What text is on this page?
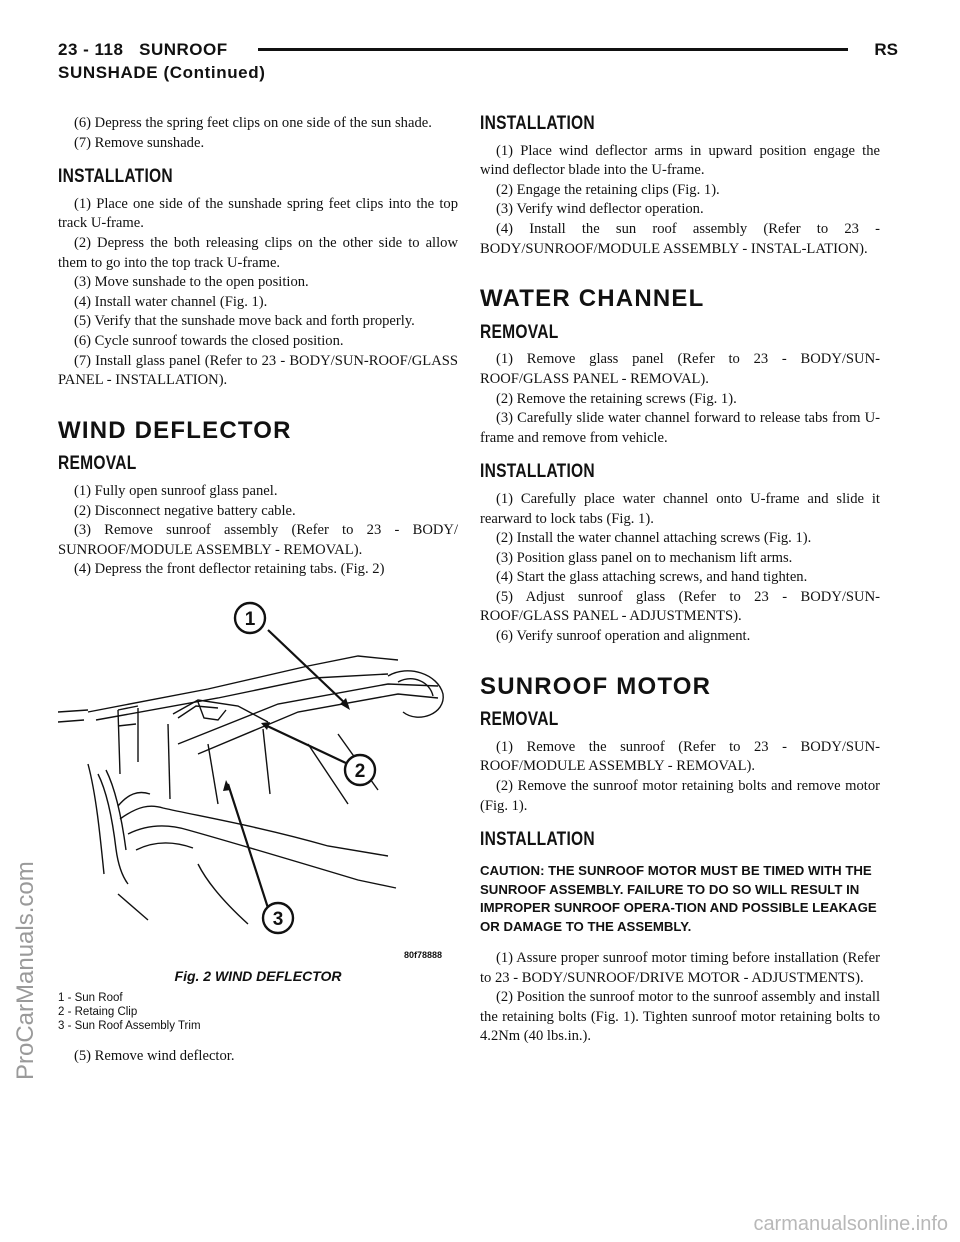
23 - 118 SUNROOF	RS
SUNSHADE (Continued)

(6) Depress the spring feet clips on one side of the sun shade.

(7) Remove sunshade.

INSTALLATION

(1) Place one side of the sunshade spring feet clips into the top track U-frame.

(2) Depress the both releasing clips on the other side to allow them to go into the top track U-frame.

(3) Move sunshade to the open position.

(4) Install water channel (Fig. 1).

(5) Verify that the sunshade move back and forth properly.

(6) Cycle sunroof towards the closed position.

(7) Install glass panel (Refer to 23 - BODY/SUN-ROOF/GLASS PANEL - INSTALLATION).

WIND DEFLECTOR
REMOVAL

(1) Fully open sunroof glass panel.

(2) Disconnect negative battery cable.

(3) Remove sunroof assembly (Refer to 23 - BODY/ SUNROOF/MODULE ASSEMBLY - REMOVAL).

(4) Depress the front deflector retaining tabs. (Fig. 2)

1
2
3
80f78888
Fig. 2 WIND DEFLECTOR
1 - Sun Roof
2 - Retaing Clip
3 - Sun Roof Assembly Trim

(5) Remove wind deflector.

INSTALLATION

(1) Place wind deflector arms in upward position engage the wind deflector blade into the U-frame.

(2) Engage the retaining clips (Fig. 1).

(3) Verify wind deflector operation.

(4) Install the sun roof assembly (Refer to 23 - BODY/SUNROOF/MODULE ASSEMBLY - INSTAL-LATION).

WATER CHANNEL
REMOVAL

(1) Remove glass panel (Refer to 23 - BODY/SUN-ROOF/GLASS PANEL - REMOVAL).

(2) Remove the retaining screws (Fig. 1).

(3) Carefully slide water channel forward to release tabs from U-frame and remove from vehicle.

INSTALLATION

(1) Carefully place water channel onto U-frame and slide it rearward to lock tabs (Fig. 1).

(2) Install the water channel attaching screws (Fig. 1).

(3) Position glass panel on to mechanism lift arms.

(4) Start the glass attaching screws, and hand tighten.

(5) Adjust sunroof glass (Refer to 23 - BODY/SUN-ROOF/GLASS PANEL - ADJUSTMENTS).

(6) Verify sunroof operation and alignment.

SUNROOF MOTOR
REMOVAL

(1) Remove the sunroof (Refer to 23 - BODY/SUN-ROOF/MODULE ASSEMBLY - REMOVAL).

(2) Remove the sunroof motor retaining bolts and remove motor (Fig. 1).

INSTALLATION
CAUTION: THE SUNROOF MOTOR MUST BE TIMED WITH THE SUNROOF ASSEMBLY. FAILURE TO DO SO WILL RESULT IN IMPROPER SUNROOF OPERA-TION AND POSSIBLE LEAKAGE OR DAMAGE TO THE ASSEMBLY.

(1) Assure proper sunroof motor timing before installation (Refer to 23 - BODY/SUNROOF/DRIVE MOTOR - ADJUSTMENTS).

(2) Position the sunroof motor to the sunroof assembly and install the retaining bolts (Fig. 1). Tighten sunroof motor retaining bolts to 4.2Nm (40 lbs.in.).

ProCarManuals.com
carmanualsonline.info
